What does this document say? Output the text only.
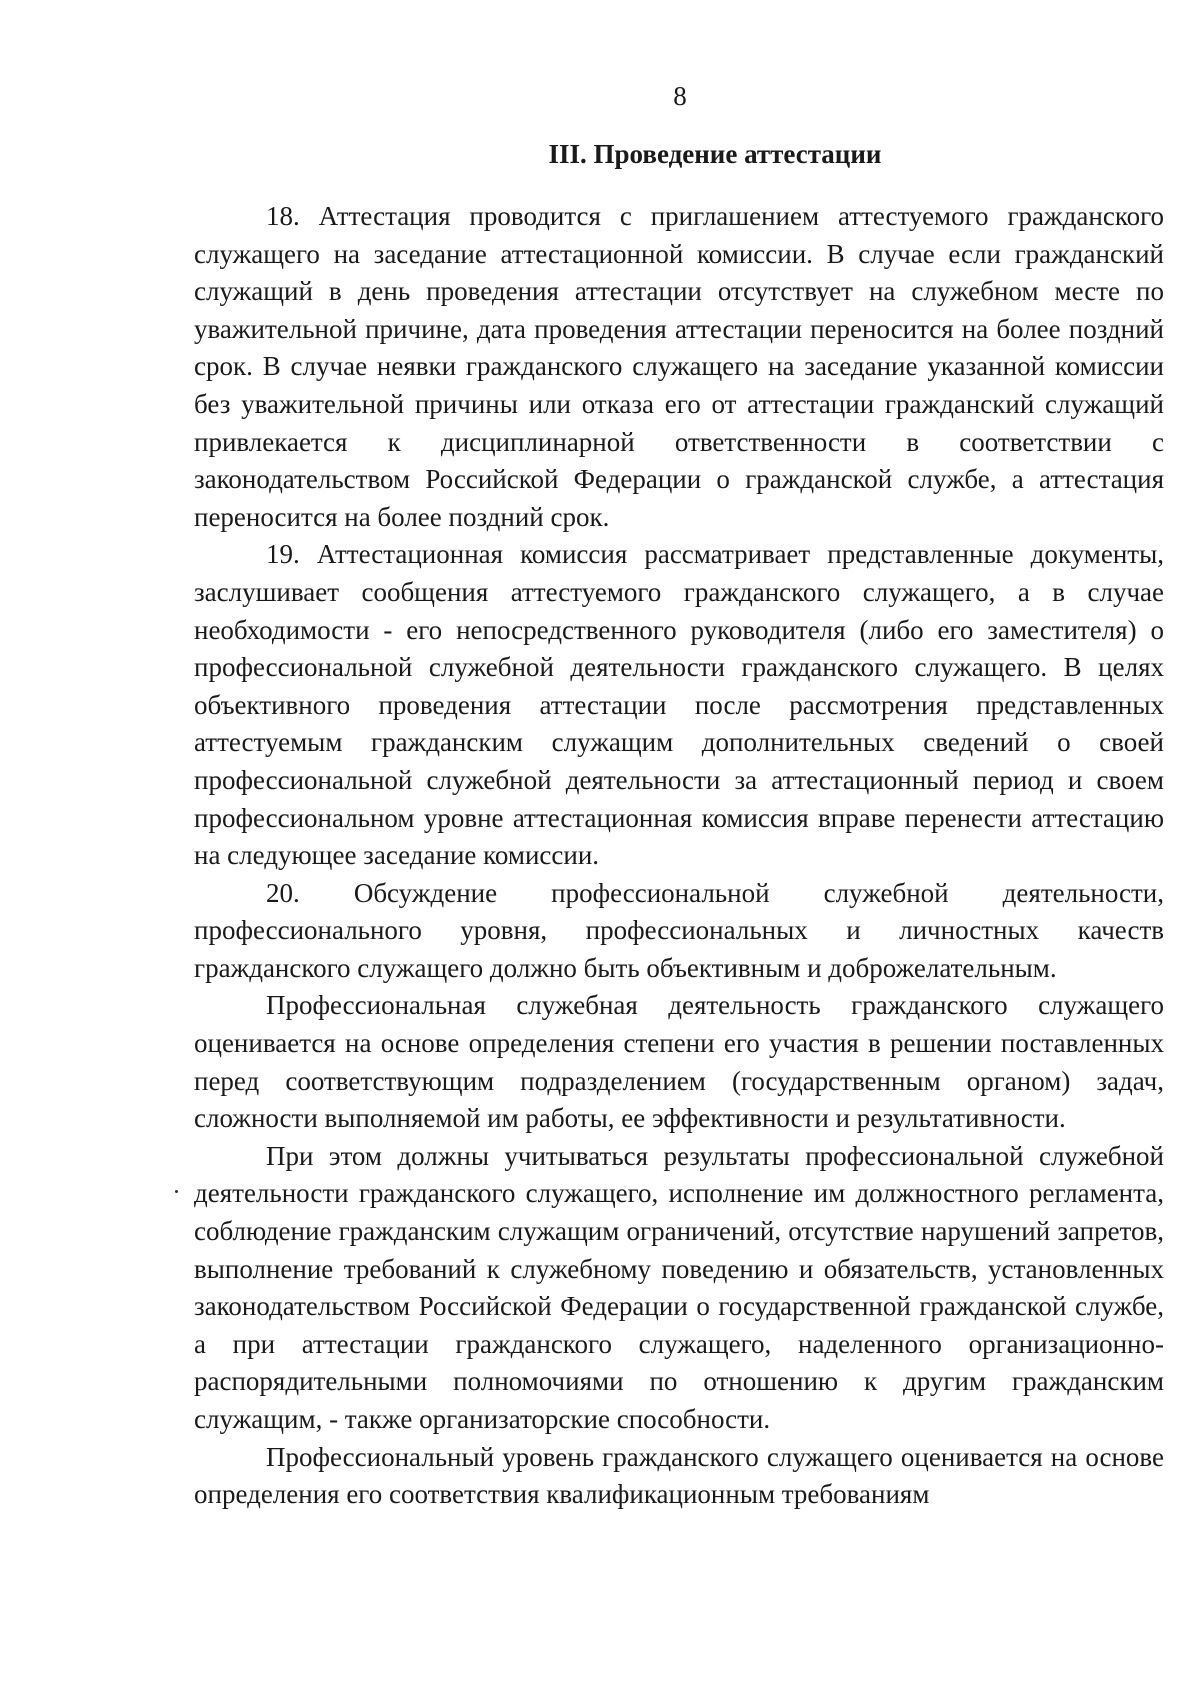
8
III. Проведение аттестации

18. Аттестация проводится с приглашением аттестуемого гражданского служащего на заседание аттестационной комиссии. В случае если гражданский служащий в день проведения аттестации отсутствует на служебном месте по уважительной причине, дата проведения аттестации переносится на более поздний срок. В случае неявки гражданского служащего на заседание указанной комиссии без уважительной причины или отказа его от аттестации гражданский служащий привлекается к дисциплинарной ответственности в соответствии с законодательством Российской Федерации о гражданской службе, а аттестация переносится на более поздний срок.

19. Аттестационная комиссия рассматривает представленные документы, заслушивает сообщения аттестуемого гражданского служащего, а в случае необходимости - его непосредственного руководителя (либо его заместителя) о профессиональной служебной деятельности гражданского служащего. В целях объективного проведения аттестации после рассмотрения представленных аттестуемым гражданским служащим дополнительных сведений о своей профессиональной служебной деятельности за аттестационный период и своем профессиональном уровне аттестационная комиссия вправе перенести аттестацию на следующее заседание комиссии.

20. Обсуждение профессиональной служебной деятельности, профессионального уровня, профессиональных и личностных качеств гражданского служащего должно быть объективным и доброжелательным.

Профессиональная служебная деятельность гражданского служащего оценивается на основе определения степени его участия в решении поставленных перед соответствующим подразделением (государственным органом) задач, сложности выполняемой им работы, ее эффективности и результативности.

При этом должны учитываться результаты профессиональной служебной деятельности гражданского служащего, исполнение им должностного регламента, соблюдение гражданским служащим ограничений, отсутствие нарушений запретов, выполнение требований к служебному поведению и обязательств, установленных законодательством Российской Федерации о государственной гражданской службе, а при аттестации гражданского служащего, наделенного организационно-распорядительными полномочиями по отношению к другим гражданским служащим, - также организаторские способности.

Профессиональный уровень гражданского служащего оценивается на основе определения его соответствия квалификационным требованиям
